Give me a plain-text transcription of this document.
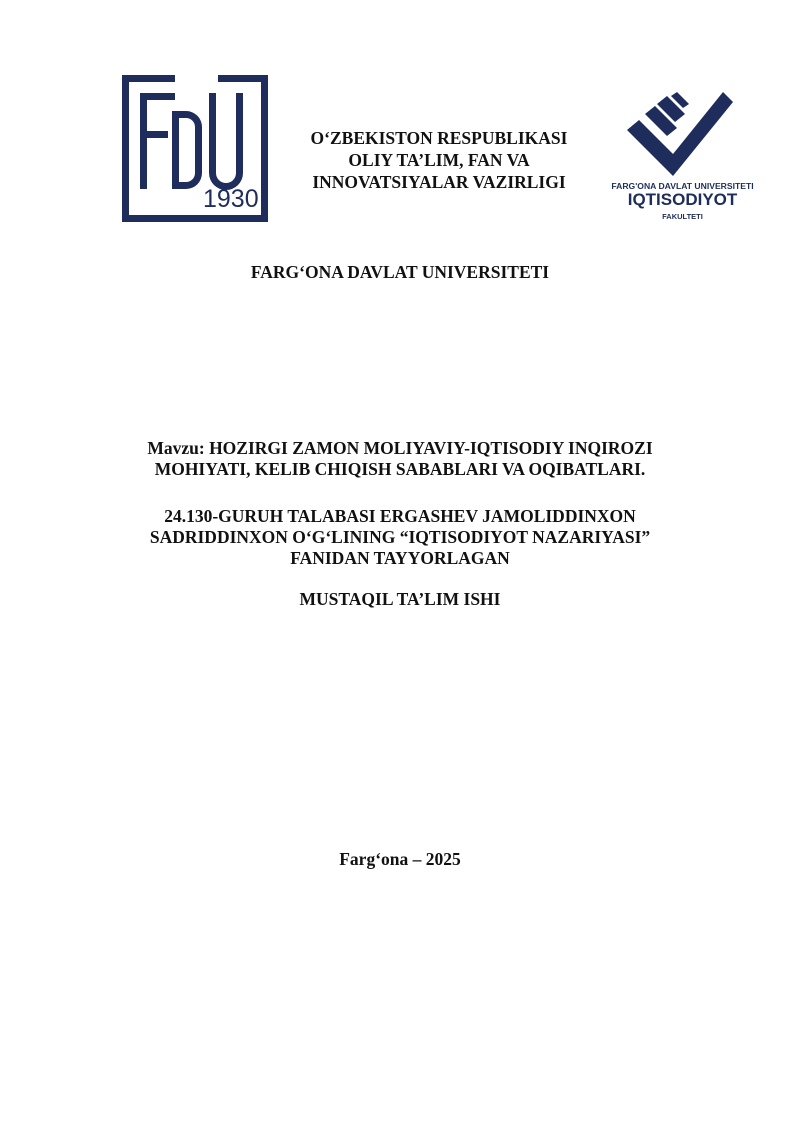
1930
O‘ZBEKISTON RESPUBLIKASI
OLIY TA’LIM, FAN VA
INNOVATSIYALAR VAZIRLIGI	FARG'ONA DAVLAT UNIVERSITETI
IQTISODIYOT
FAKULTETI
FARG‘ONA DAVLAT UNIVERSITETI
Mavzu: HOZIRGI ZAMON MOLIYAVIY-IQTISODIY INQIROZI
MOHIYATI, KELIB CHIQISH SABABLARI VA OQIBATLARI.
24.130-GURUH TALABASI ERGASHEV JAMOLIDDINXON
SADRIDDINXON O‘G‘LINING “IQTISODIYOT NAZARIYASI”
FANIDAN TAYYORLAGAN
MUSTAQIL TA’LIM ISHI
Farg‘ona – 2025
